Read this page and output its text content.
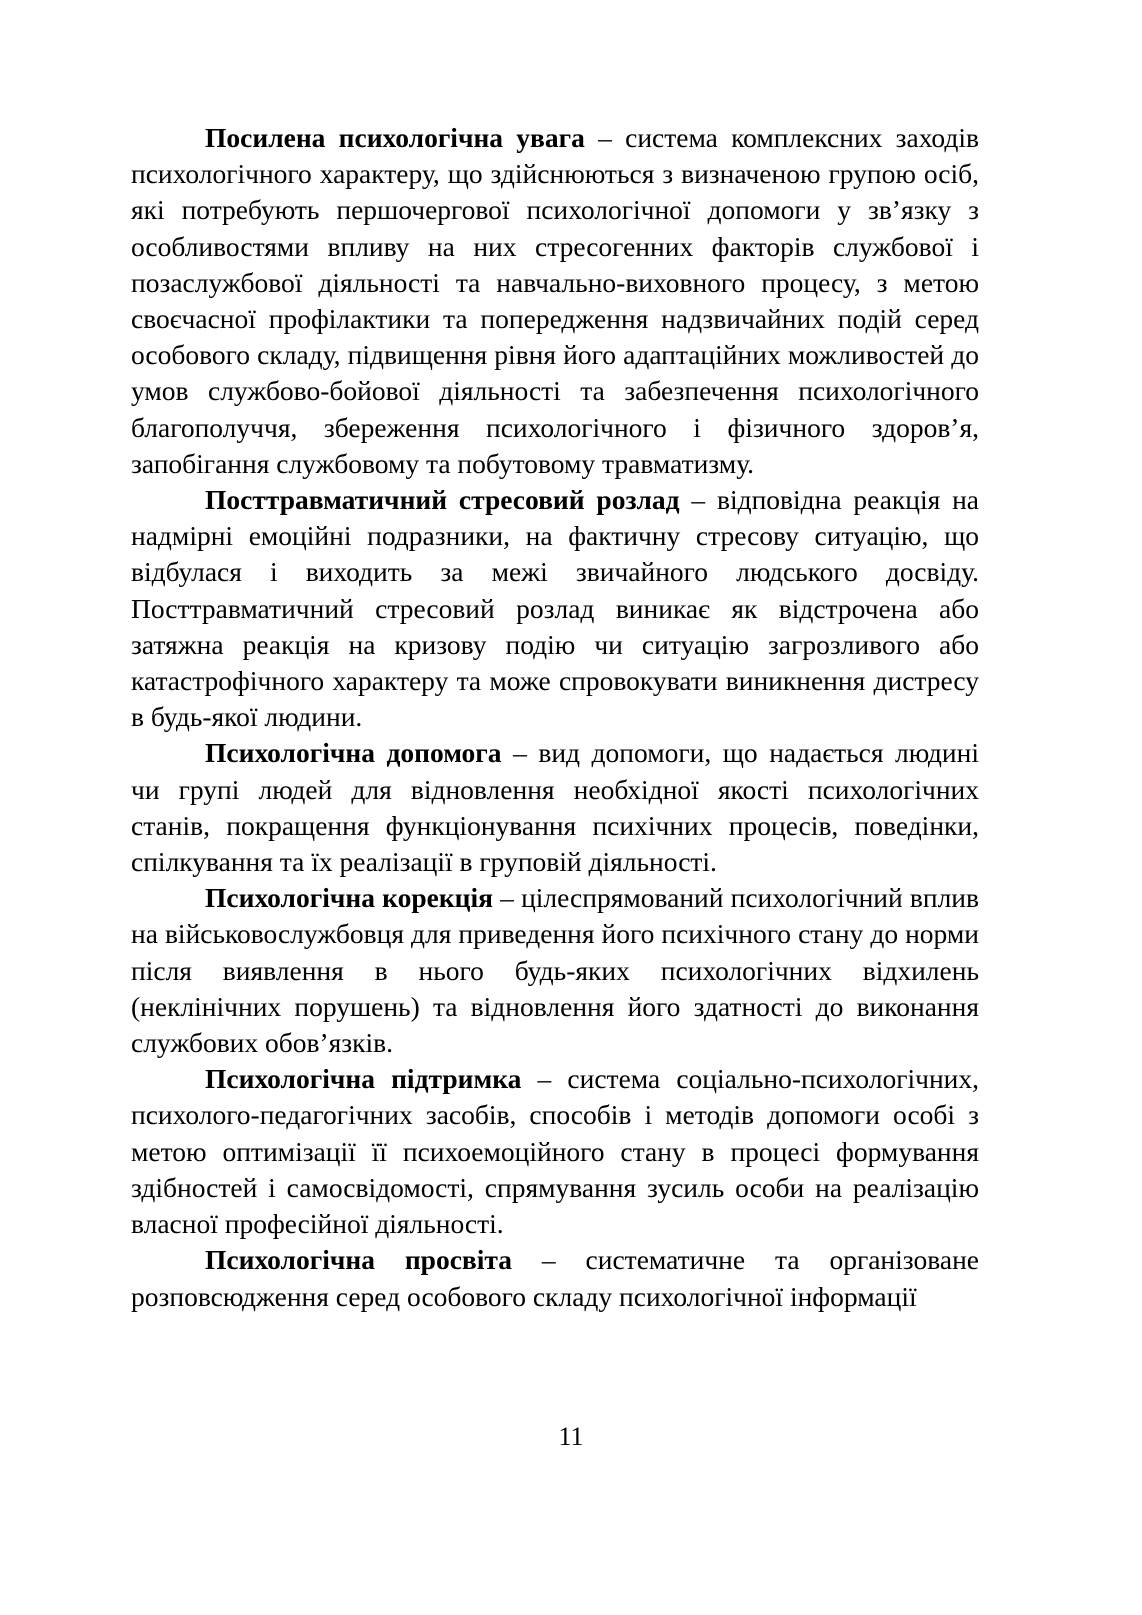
Посилена психологічна увага – система комплексних заходів психологічного характеру, що здійснюються з визначеною групою осіб, які потребують першочергової психологічної допомоги у зв’язку з особливостями впливу на них стресогенних факторів службової і позаслужбової діяльності та навчально-виховного процесу, з метою своєчасної профілактики та попередження надзвичайних подій серед особового складу, підвищення рівня його адаптаційних можливостей до умов службово-бойової діяльності та забезпечення психологічного благополуччя, збереження психологічного і фізичного здоров’я, запобігання службовому та побутовому травматизму.

Посттравматичний стресовий розлад – відповідна реакція на надмірні емоційні подразники, на фактичну стресову ситуацію, що відбулася і виходить за межі звичайного людського досвіду. Посттравматичний стресовий розлад виникає як відстрочена або затяжна реакція на кризову подію чи ситуацію загрозливого або катастрофічного характеру та може спровокувати виникнення дистресу в будь-якої людини.

Психологічна допомога – вид допомоги, що надається людині чи групі людей для відновлення необхідної якості психологічних станів, покращення функціонування психічних процесів, поведінки, спілкування та їх реалізації в груповій діяльності.

Психологічна корекція – цілеспрямований психологічний вплив на військовослужбовця для приведення його психічного стану до норми після виявлення в нього будь-яких психологічних відхилень (неклінічних порушень) та відновлення його здатності до виконання службових обов’язків.

Психологічна підтримка – система соціально-психологічних, психолого-педагогічних засобів, способів і методів допомоги особі з метою оптимізації її психоемоційного стану в процесі формування здібностей і самосвідомості, спрямування зусиль особи на реалізацію власної професійної діяльності.

Психологічна просвіта – систематичне та організоване розповсюдження серед особового складу психологічної інформації

11
